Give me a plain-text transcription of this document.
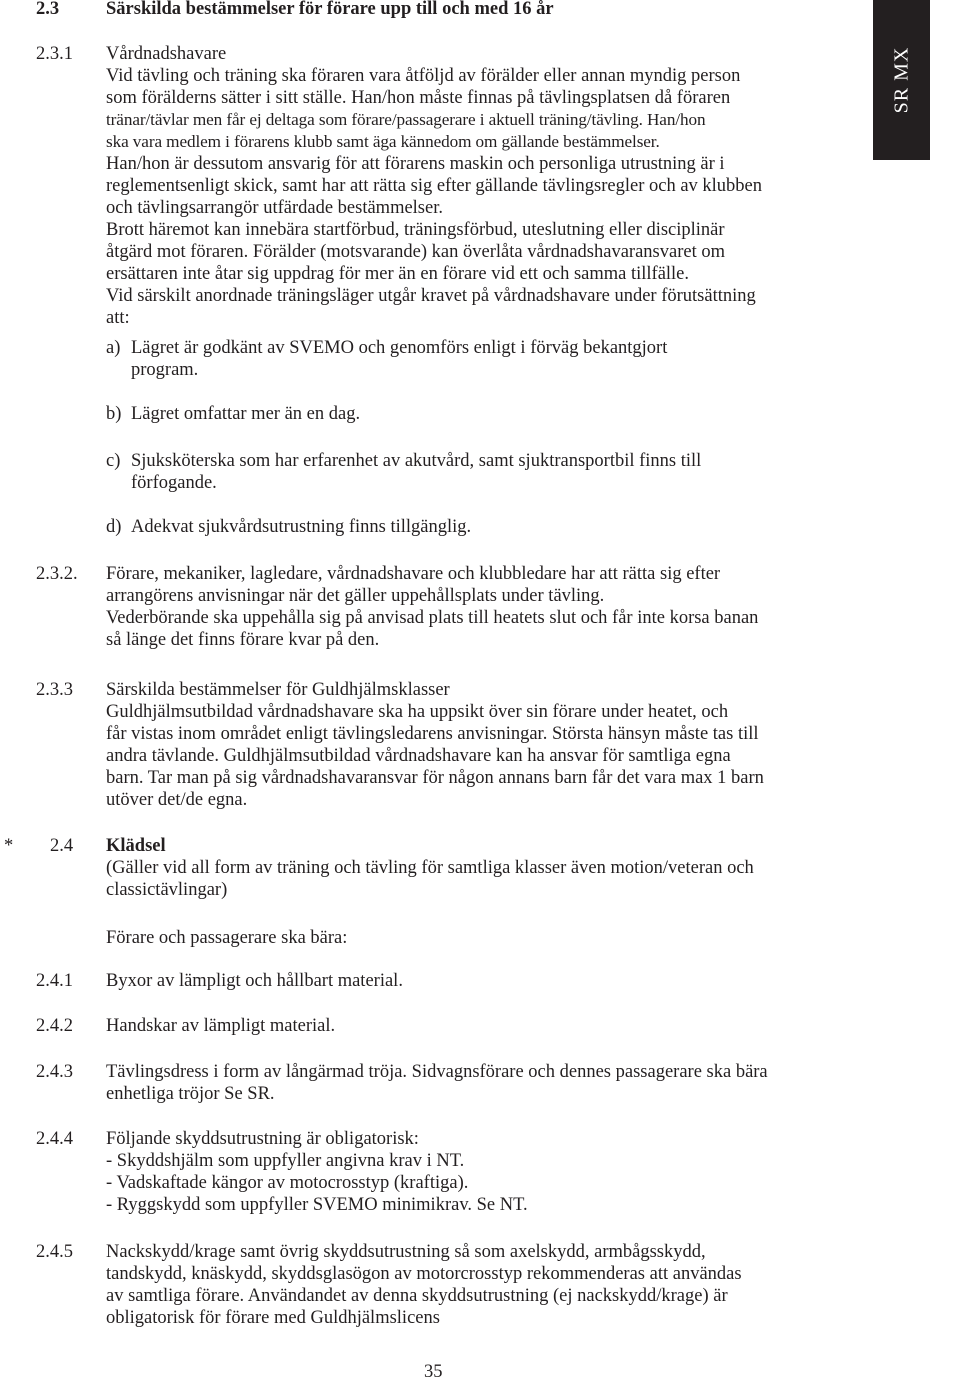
SR MX
2.3	Särskilda bestämmelser för förare upp till och med 16 år
2.3.1 Vårdnadshavare
Vid tävling och träning ska föraren vara åtföljd av förälder eller annan myndig person
som förälderns sätter i sitt ställe. Han/hon måste finnas på tävlingsplatsen då föraren
tränar/tävlar men får ej deltaga som förare/passagerare i aktuell träning/tävling. Han/hon
ska vara medlem i förarens klubb samt äga kännedom om gällande bestämmelser.
Han/hon är dessutom ansvarig för att förarens maskin och personliga utrustning är i
reglementsenligt skick, samt har att rätta sig efter gällande tävlingsregler och av klubben
och tävlingsarrangör utfärdade bestämmelser.
Brott häremot kan innebära startförbud, träningsförbud, uteslutning eller disciplinär
åtgärd mot föraren. Förälder (motsvarande) kan överlåta vårdnadshavaransvaret om
ersättaren inte åtar sig uppdrag för mer än en förare vid ett och samma tillfälle.
Vid särskilt anordnade träningsläger utgår kravet på vårdnadshavare under förutsättning
att:
a) Lägret är godkänt av SVEMO och genomförs enligt i förväg bekantgjort
program.
b) Lägret omfattar mer än en dag.
c) Sjuksköterska som har erfarenhet av akutvård, samt sjuktransportbil finns till
förfogande.
d) Adekvat sjukvårdsutrustning finns tillgänglig.
2.3.2. Förare, mekaniker, lagledare, vårdnadshavare och klubbledare har att rätta sig efter
arrangörens anvisningar när det gäller uppehållsplats under tävling.
Vederbörande ska uppehålla sig på anvisad plats till heatets slut och får inte korsa banan
så länge det finns förare kvar på den.
2.3.3 Särskilda bestämmelser för Guldhjälmsklasser
Guldhjälmsutbildad vårdnadshavare ska ha uppsikt över sin förare under heatet, och
får vistas inom området enligt tävlingsledarens anvisningar. Största hänsyn måste tas till
andra tävlande. Guldhjälmsutbildad vårdnadshavare kan ha ansvar för samtliga egna
barn. Tar man på sig vårdnadshavaransvar för någon annans barn får det vara max 1 barn
utöver det/de egna.
* 2.4 Klädsel
(Gäller vid all form av träning och tävling för samtliga klasser även motion/veteran och
classictävlingar)
Förare och passagerare ska bära:
2.4.1 Byxor av lämpligt och hållbart material.
2.4.2 Handskar av lämpligt material.
2.4.3 Tävlingsdress i form av långärmad tröja. Sidvagnsförare och dennes passagerare ska bära
enhetliga tröjor Se SR.
2.4.4 Följande skyddsutrustning är obligatorisk:
- Skyddshjälm som uppfyller angivna krav i NT.
- Vadskaftade kängor av motocrosstyp (kraftiga).
- Ryggskydd som uppfyller SVEMO minimikrav. Se NT.
2.4.5 Nackskydd/krage samt övrig skyddsutrustning så som axelskydd, armbågsskydd,
tandskydd, knäskydd, skyddsglasögon av motorcrosstyp rekommenderas att användas
av samtliga förare. Användandet av denna skyddsutrustning (ej nackskydd/krage) är
obligatorisk för förare med Guldhjälmslicens
35
